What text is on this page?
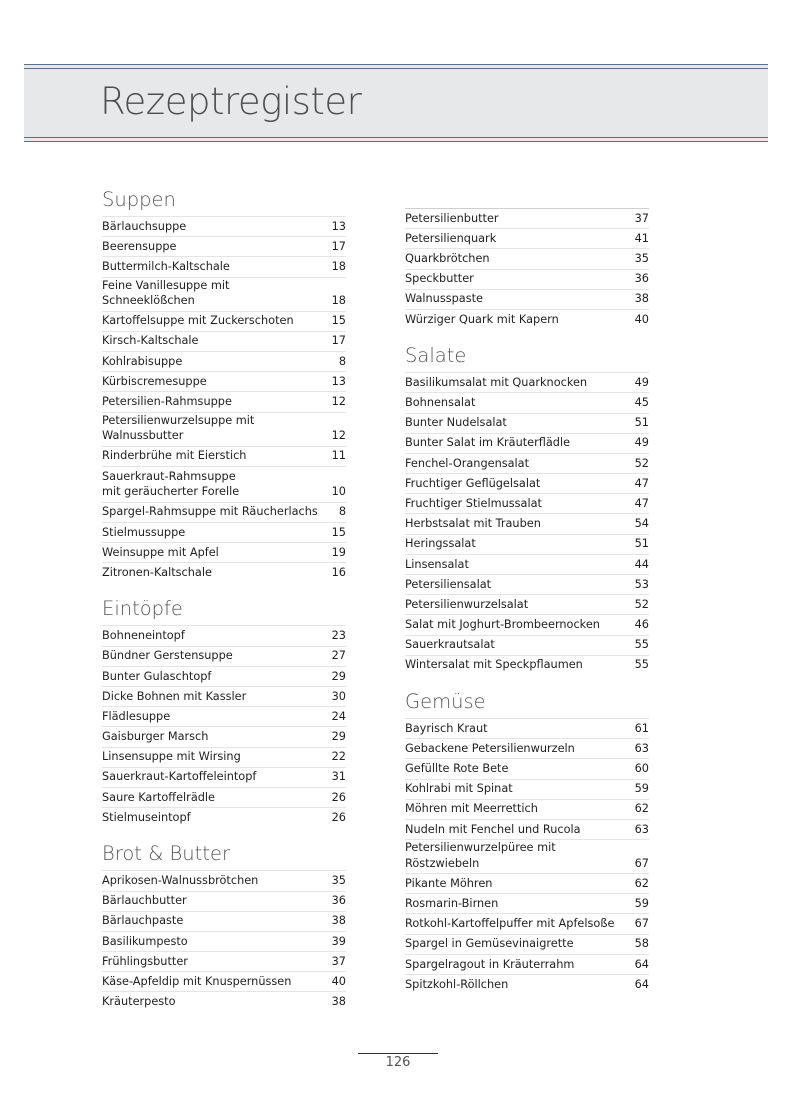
Rezeptregister
Suppen
Bärlauchsuppe	13
Beerensuppe	17
Buttermilch-Kaltschale	18
Feine Vanillesuppe mit Schneeklößchen	18
Kartoffelsuppe mit Zuckerschoten	15
Kirsch-Kaltschale	17
Kohlrabisuppe	8
Kürbiscremesuppe	13
Petersilien-Rahmsuppe	12
Petersilienwurzelsuppe mit Walnussbutter	12
Rinderbrühe mit Eierstich	11
Sauerkraut-Rahmsuppe
mit geräucherter Forelle	10
Spargel-Rahmsuppe mit Räucherlachs	8
Stielmussuppe	15
Weinsuppe mit Apfel	19
Zitronen-Kaltschale	16
Eintöpfe
Bohneneintopf	23
Bündner Gerstensuppe	27
Bunter Gulaschtopf	29
Dicke Bohnen mit Kassler	30
Flädlesuppe	24
Gaisburger Marsch	29
Linsensuppe mit Wirsing	22
Sauerkraut-Kartoffeleintopf	31
Saure Kartoffelrädle	26
Stielmuseintopf	26
Brot & Butter
Aprikosen-Walnussbrötchen	35
Bärlauchbutter	36
Bärlauchpaste	38
Basilikumpesto	39
Frühlingsbutter	37
Käse-Apfeldip mit Knuspernüssen	40
Kräuterpesto	38
Petersilienbutter	37
Petersilienquark	41
Quarkbrötchen	35
Speckbutter	36
Walnusspaste	38
Würziger Quark mit Kapern	40
Salate
Basilikumsalat mit Quarknocken	49
Bohnensalat	45
Bunter Nudelsalat	51
Bunter Salat im Kräuterflädle	49
Fenchel-Orangensalat	52
Fruchtiger Geflügelsalat	47
Fruchtiger Stielmussalat	47
Herbstsalat mit Trauben	54
Heringssalat	51
Linsensalat	44
Petersiliensalat	53
Petersilienwurzelsalat	52
Salat mit Joghurt-Brombeernocken	46
Sauerkrautsalat	55
Wintersalat mit Speckpflaumen	55
Gemüse
Bayrisch Kraut	61
Gebackene Petersilienwurzeln	63
Gefüllte Rote Bete	60
Kohlrabi mit Spinat	59
Möhren mit Meerrettich	62
Nudeln mit Fenchel und Rucola	63
Petersilienwurzelpüree mit Röstzwiebeln	67
Pikante Möhren	62
Rosmarin-Birnen	59
Rotkohl-Kartoffelpuffer mit Apfelsoße	67
Spargel in Gemüsevinaigrette	58
Spargelragout in Kräuterrahm	64
Spitzkohl-Röllchen	64
126
